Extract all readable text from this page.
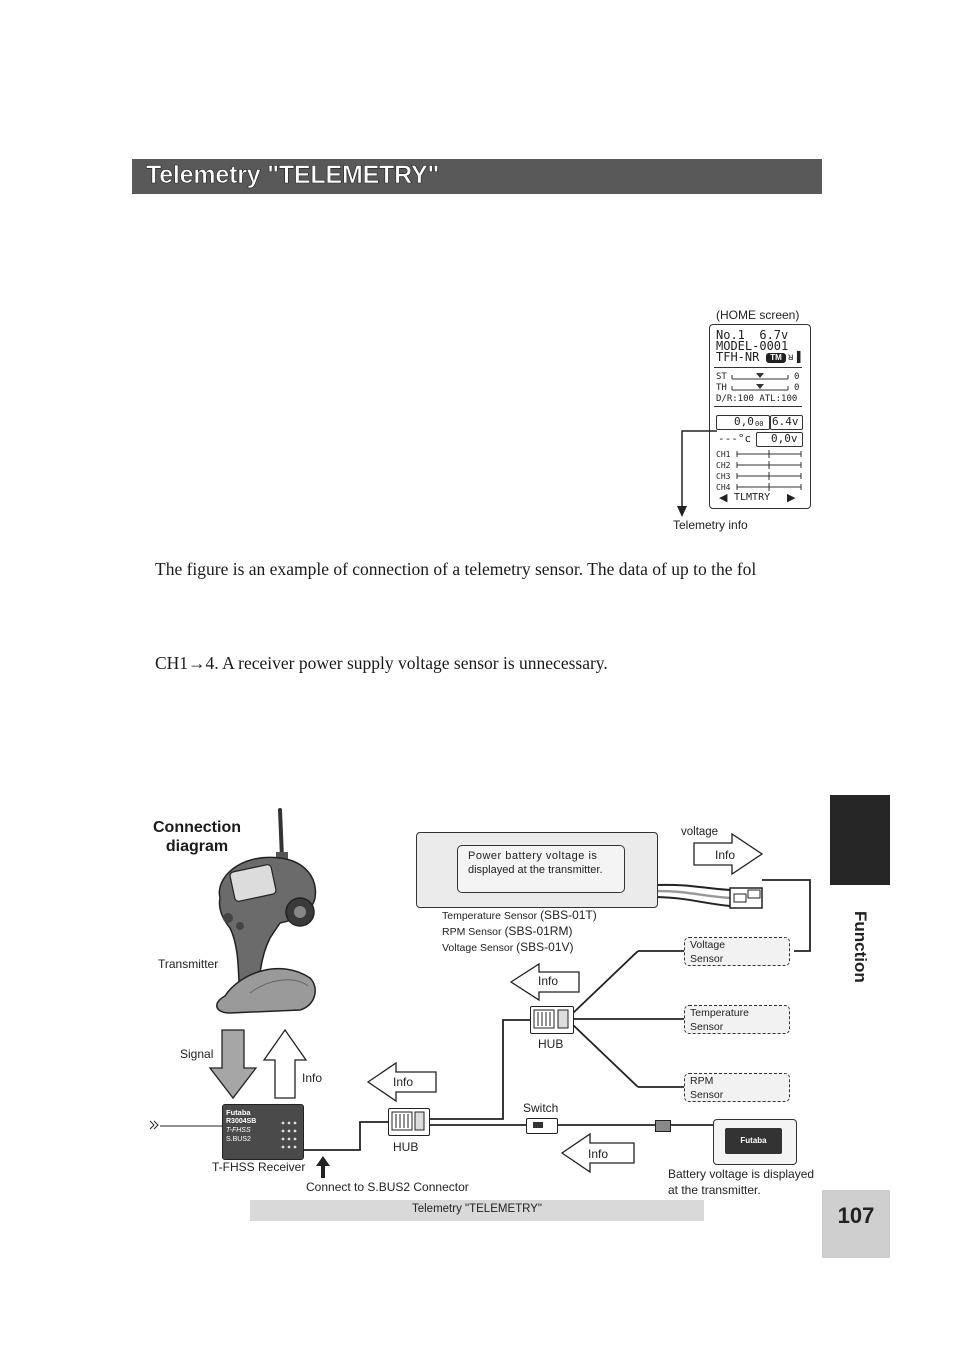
Telemetry "TELEMETRY"
(HOME screen)
No.1  6.7v
MODEL-0001
TFH-NR	TM ᴚ▐
ST	0
TH	0
D/R:100 ATL:100
0,0 00 6.4v
---°c 0,0v
CH1
CH2
CH3
CH4
◀ TLMTRY ▶
Telemetry info
The figure is an example of connection of a telemetry sensor. The data of up to the fol
CH1→4. A receiver power supply voltage sensor is unnecessary.
Function
Connection
diagram
Power battery voltage is
displayed at the transmitter.
voltage
Temperature Sensor (SBS-01T)
RPM Sensor (SBS-01RM)
Voltage Sensor (SBS-01V)	Voltage
Sensor
Temperature
Sensor
RPM
Sensor
Transmitter
Signal
Info
Futaba
R3004SB
T-FHSS
S.BUS2
T-FHSS Receiver
Connect to S.BUS2 Connector
HUB
HUB
Info
Info
Info
Info
Switch
Futaba
Battery voltage is displayed
at the transmitter.
Telemetry "TELEMETRY"	107
